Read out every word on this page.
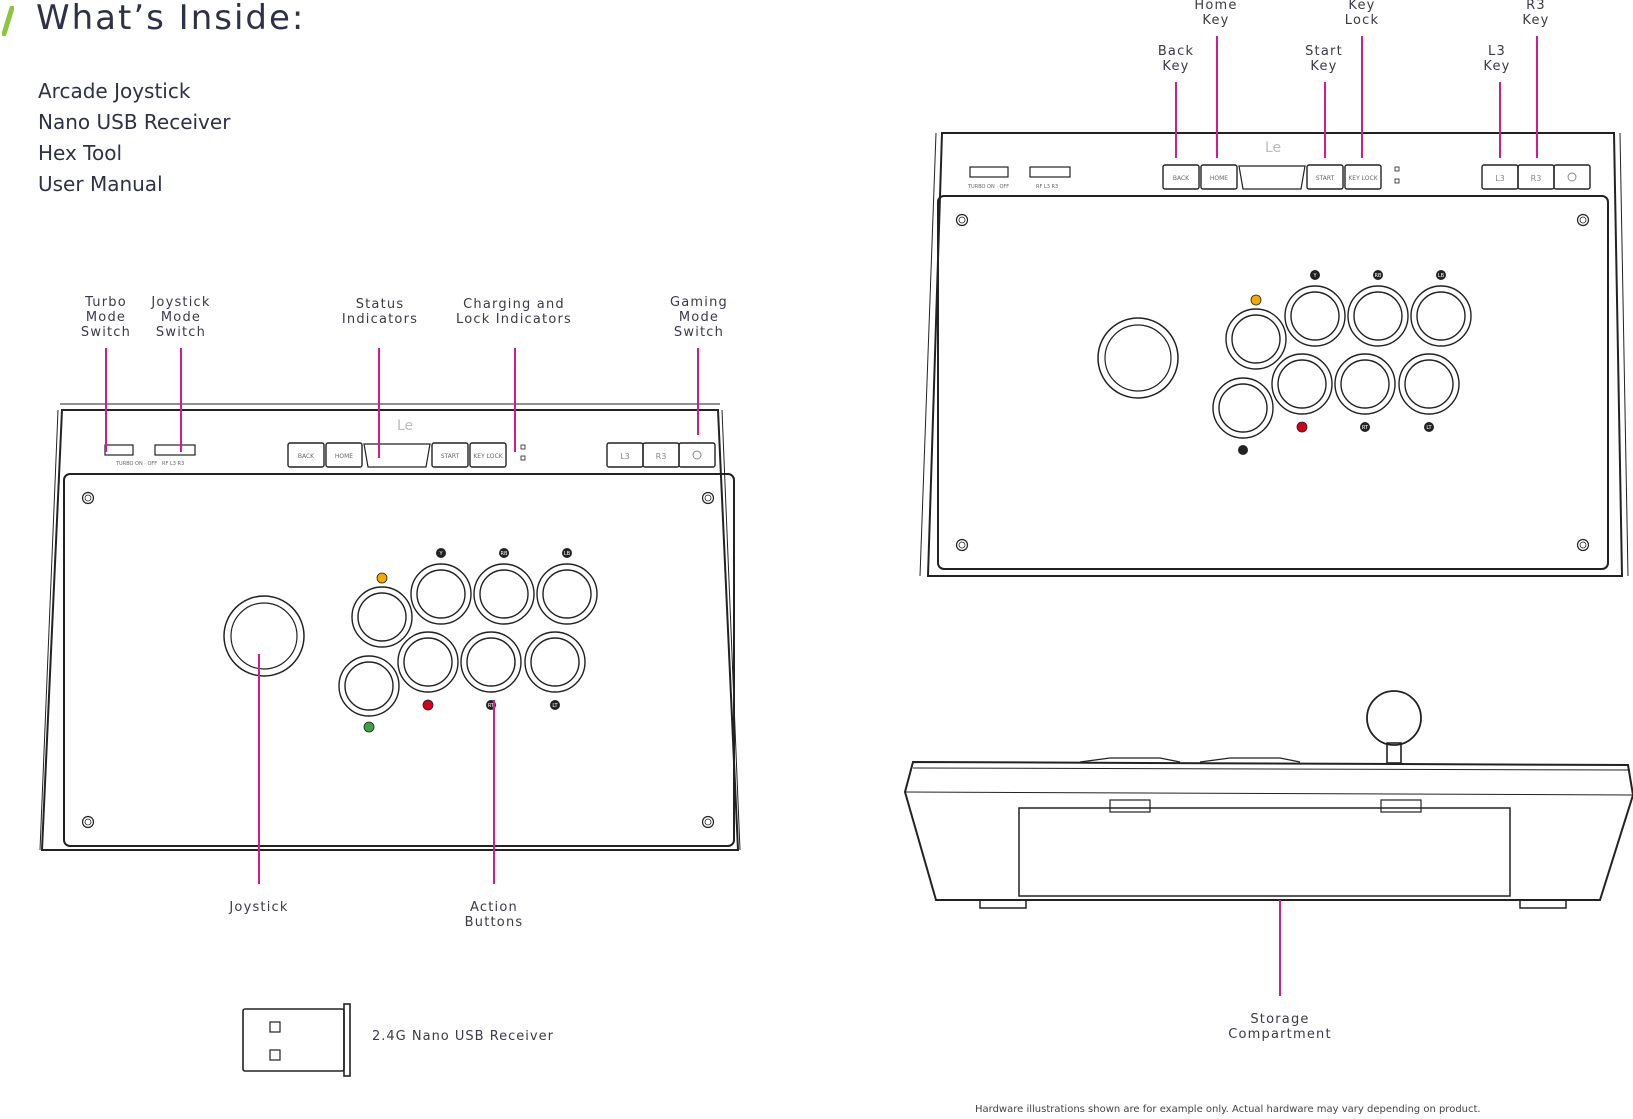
What’s Inside:
Arcade Joystick
Nano USB Receiver
Hex Tool
User Manual
TURBO ON · OFF RF L3 R3
BACK	HOME	START KEY LOCK	L3	R3
Le
Y	RB	LB
RT	LT
Turbo Mode Switch
Joystick Mode Switch
Status Indicators
Charging and Lock Indicators
Gaming Mode Switch
Joystick	Action Buttons
TURBO ON · OFF	RF L3 R3
BACK	HOME	START KEY LOCK	L3	R3
Le
Y	RB	LB
RT	LT
Back Key
Home Key
Start Key
Key Lock
L3 Key
R3 Key
Storage Compartment
2.4G Nano USB Receiver
Hardware illustrations shown are for example only. Actual hardware may vary depending on product.
